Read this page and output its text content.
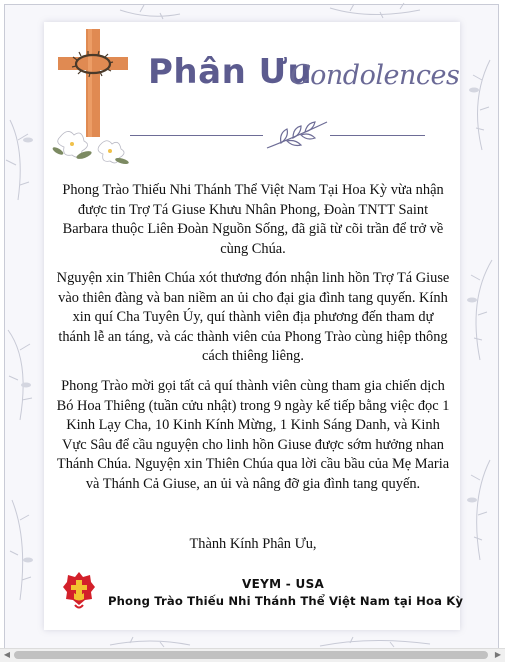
Phân Ưu
Condolences

Phong Trào Thiếu Nhi Thánh Thể Việt Nam Tại Hoa Kỳ vừa nhận được tin Trợ Tá Giuse Khưu Nhân Phong, Đoàn TNTT Saint Barbara thuộc Liên Đoàn Nguồn Sống, đã giã từ cõi trần để trở về cùng Chúa.

Nguyện xin Thiên Chúa xót thương đón nhận linh hồn Trợ Tá Giuse vào thiên đàng và ban niềm an ủi cho đại gia đình tang quyến. Kính xin quí Cha Tuyên Úy, quí thành viên địa phương đến tham dự thánh lễ an táng, và các thành viên của Phong Trào cùng hiệp thông cách thiêng liêng.

Phong Trào mời gọi tất cả quí thành viên cùng tham gia chiến dịch Bó Hoa Thiêng (tuần cửu nhật) trong 9 ngày kế tiếp bằng việc đọc 1 Kinh Lạy Cha, 10 Kinh Kính Mừng, 1 Kinh Sáng Danh, và Kinh Vực Sâu để cầu nguyện cho linh hồn Giuse được sớm hưởng nhan Thánh Chúa. Nguyện xin Thiên Chúa qua lời cầu bầu của Mẹ Maria và Thánh Cả Giuse, an ủi và nâng đỡ gia đình tang quyến.

Thành Kính Phân Ưu,
VEYM - USA
Phong Trào Thiếu Nhi Thánh Thể Việt Nam tại Hoa Kỳ
◀	▶
